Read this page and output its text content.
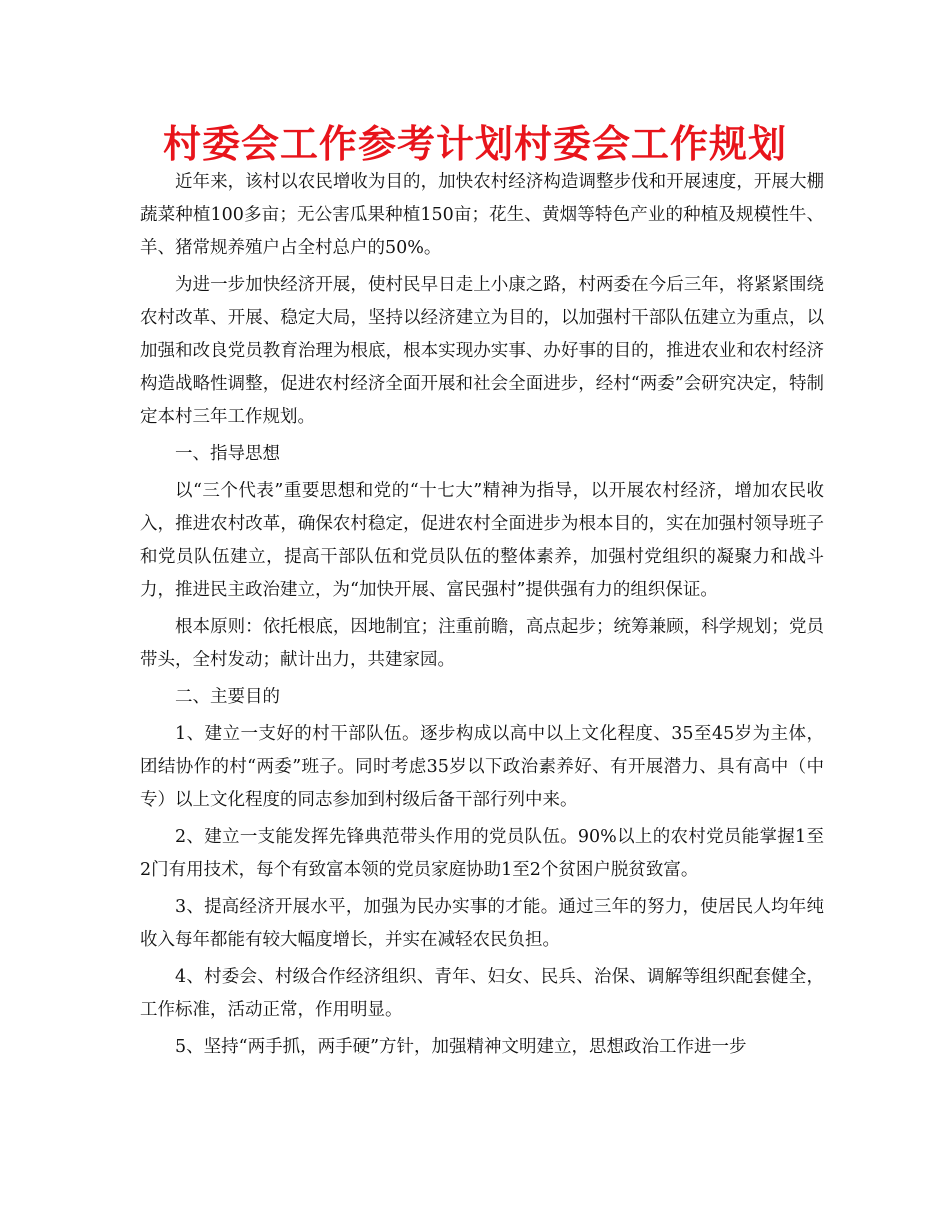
村委会工作参考计划村委会工作规划

近年来，该村以农民增收为目的，加快农村经济构造调整步伐和开展速度，开展大棚蔬菜种植100多亩；无公害瓜果种植150亩；花生、黄烟等特色产业的种植及规模性牛、羊、猪常规养殖户占全村总户的50%。

为进一步加快经济开展，使村民早日走上小康之路，村两委在今后三年，将紧紧围绕农村改革、开展、稳定大局，坚持以经济建立为目的，以加强村干部队伍建立为重点，以加强和改良党员教育治理为根底，根本实现办实事、办好事的目的，推进农业和农村经济构造战略性调整，促进农村经济全面开展和社会全面进步，经村“两委”会研究决定，特制定本村三年工作规划。

一、指导思想

以“三个代表”重要思想和党的“十七大”精神为指导，以开展农村经济，增加农民收入，推进农村改革，确保农村稳定，促进农村全面进步为根本目的，实在加强村领导班子和党员队伍建立，提高干部队伍和党员队伍的整体素养，加强村党组织的凝聚力和战斗力，推进民主政治建立，为“加快开展、富民强村”提供强有力的组织保证。

根本原则：依托根底，因地制宜；注重前瞻，高点起步；统筹兼顾，科学规划；党员带头，全村发动；献计出力，共建家园。

二、主要目的

1、建立一支好的村干部队伍。逐步构成以高中以上文化程度、35至45岁为主体，团结协作的村“两委”班子。同时考虑35岁以下政治素养好、有开展潜力、具有高中（中专）以上文化程度的同志参加到村级后备干部行列中来。

2、建立一支能发挥先锋典范带头作用的党员队伍。90%以上的农村党员能掌握1至2门有用技术，每个有致富本领的党员家庭协助1至2个贫困户脱贫致富。

3、提高经济开展水平，加强为民办实事的才能。通过三年的努力，使居民人均年纯收入每年都能有较大幅度增长，并实在减轻农民负担。

4、村委会、村级合作经济组织、青年、妇女、民兵、治保、调解等组织配套健全，工作标准，活动正常，作用明显。

5、坚持“两手抓，两手硬”方针，加强精神文明建立，思想政治工作进一步
